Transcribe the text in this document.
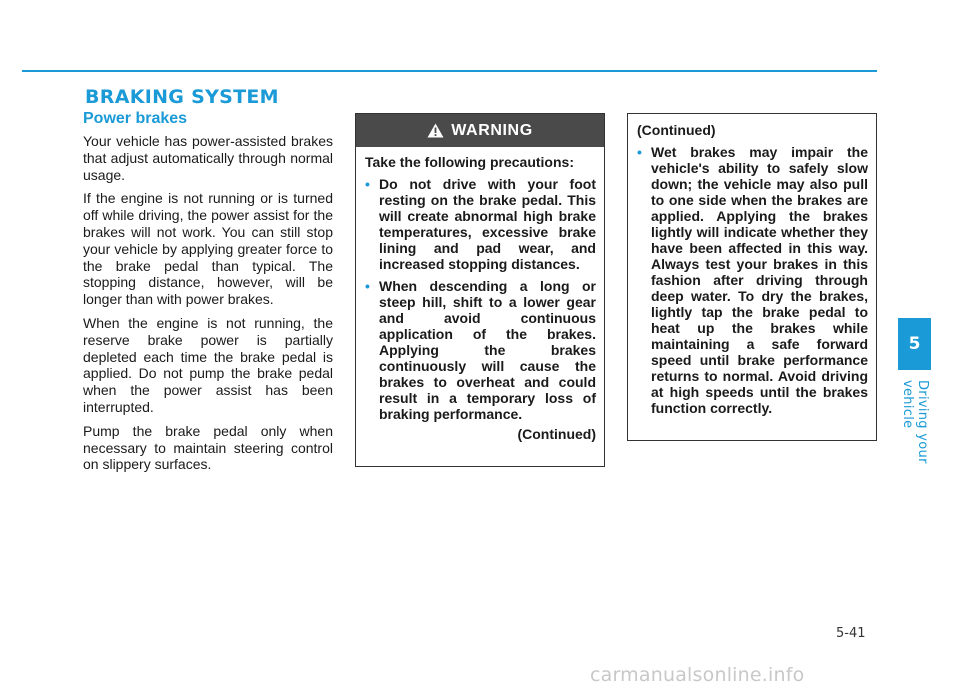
BRAKING SYSTEM
Power brakes

Your vehicle has power-assisted brakes that adjust automatically through normal usage.

If the engine is not running or is turned off while driving, the power assist for the brakes will not work. You can still stop your vehicle by applying greater force to the brake pedal than typical. The stopping distance, however, will be longer than with power brakes.

When the engine is not running, the reserve brake power is partially depleted each time the brake pedal is applied. Do not pump the brake pedal when the power assist has been interrupted.

Pump the brake pedal only when necessary to maintain steering control on slippery surfaces.

WARNING

Take the following precautions:

• Do not drive with your foot resting on the brake pedal. This will create abnormal high brake temperatures, excessive brake lining and pad wear, and increased stopping distances.
• When descending a long or steep hill, shift to a lower gear and avoid continuous application of the brakes. Applying the brakes continuously will cause the brakes to overheat and could result in a temporary loss of braking performance.

(Continued)

(Continued)

• Wet brakes may impair the vehicle's ability to safely slow down; the vehicle may also pull to one side when the brakes are applied. Applying the brakes lightly will indicate whether they have been affected in this way. Always test your brakes in this fashion after driving through deep water. To dry the brakes, lightly tap the brake pedal to heat up the brakes while maintaining a safe forward speed until brake performance returns to normal. Avoid driving at high speeds until the brakes function correctly.
5
Driving your vehicle
5-41
carmanualsonline.info
